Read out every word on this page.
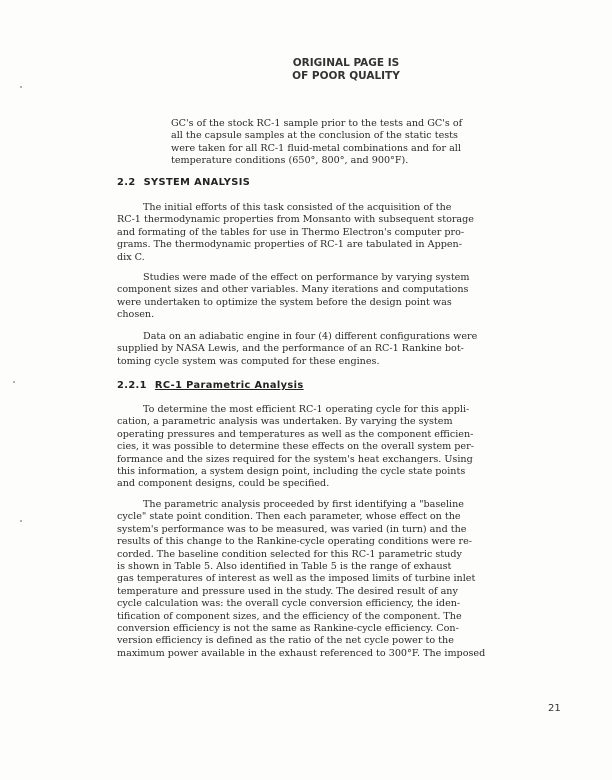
ORIGINAL PAGE IS
OF POOR QUALITY

GC's of the stock RC-1 sample prior to the tests and GC's of
all the capsule samples at the conclusion of the static tests
were taken for all RC-1 fluid-metal combinations and for all
temperature conditions (650°, 800°, and 900°F).

2.2 SYSTEM ANALYSIS

The initial efforts of this task consisted of the acquisition of the
RC-1 thermodynamic properties from Monsanto with subsequent storage
and formating of the tables for use in Thermo Electron's computer pro-
grams. The thermodynamic properties of RC-1 are tabulated in Appen-
dix C.

Studies were made of the effect on performance by varying system
component sizes and other variables. Many iterations and computations
were undertaken to optimize the system before the design point was
chosen.

Data on an adiabatic engine in four (4) different configurations were
supplied by NASA Lewis, and the performance of an RC-1 Rankine bot-
toming cycle system was computed for these engines.

2.2.1 RC-1 Parametric Analysis

To determine the most efficient RC-1 operating cycle for this appli-
cation, a parametric analysis was undertaken. By varying the system
operating pressures and temperatures as well as the component efficien-
cies, it was possible to determine these effects on the overall system per-
formance and the sizes required for the system's heat exchangers. Using
this information, a system design point, including the cycle state points
and component designs, could be specified.

The parametric analysis proceeded by first identifying a "baseline
cycle" state point condition. Then each parameter, whose effect on the
system's performance was to be measured, was varied (in turn) and the
results of this change to the Rankine-cycle operating conditions were re-
corded. The baseline condition selected for this RC-1 parametric study
is shown in Table 5. Also identified in Table 5 is the range of exhaust
gas temperatures of interest as well as the imposed limits of turbine inlet
temperature and pressure used in the study. The desired result of any
cycle calculation was: the overall cycle conversion efficiency, the iden-
tification of component sizes, and the efficiency of the component. The
conversion efficiency is not the same as Rankine-cycle efficiency. Con-
version efficiency is defined as the ratio of the net cycle power to the
maximum power available in the exhaust referenced to 300°F. The imposed

21
